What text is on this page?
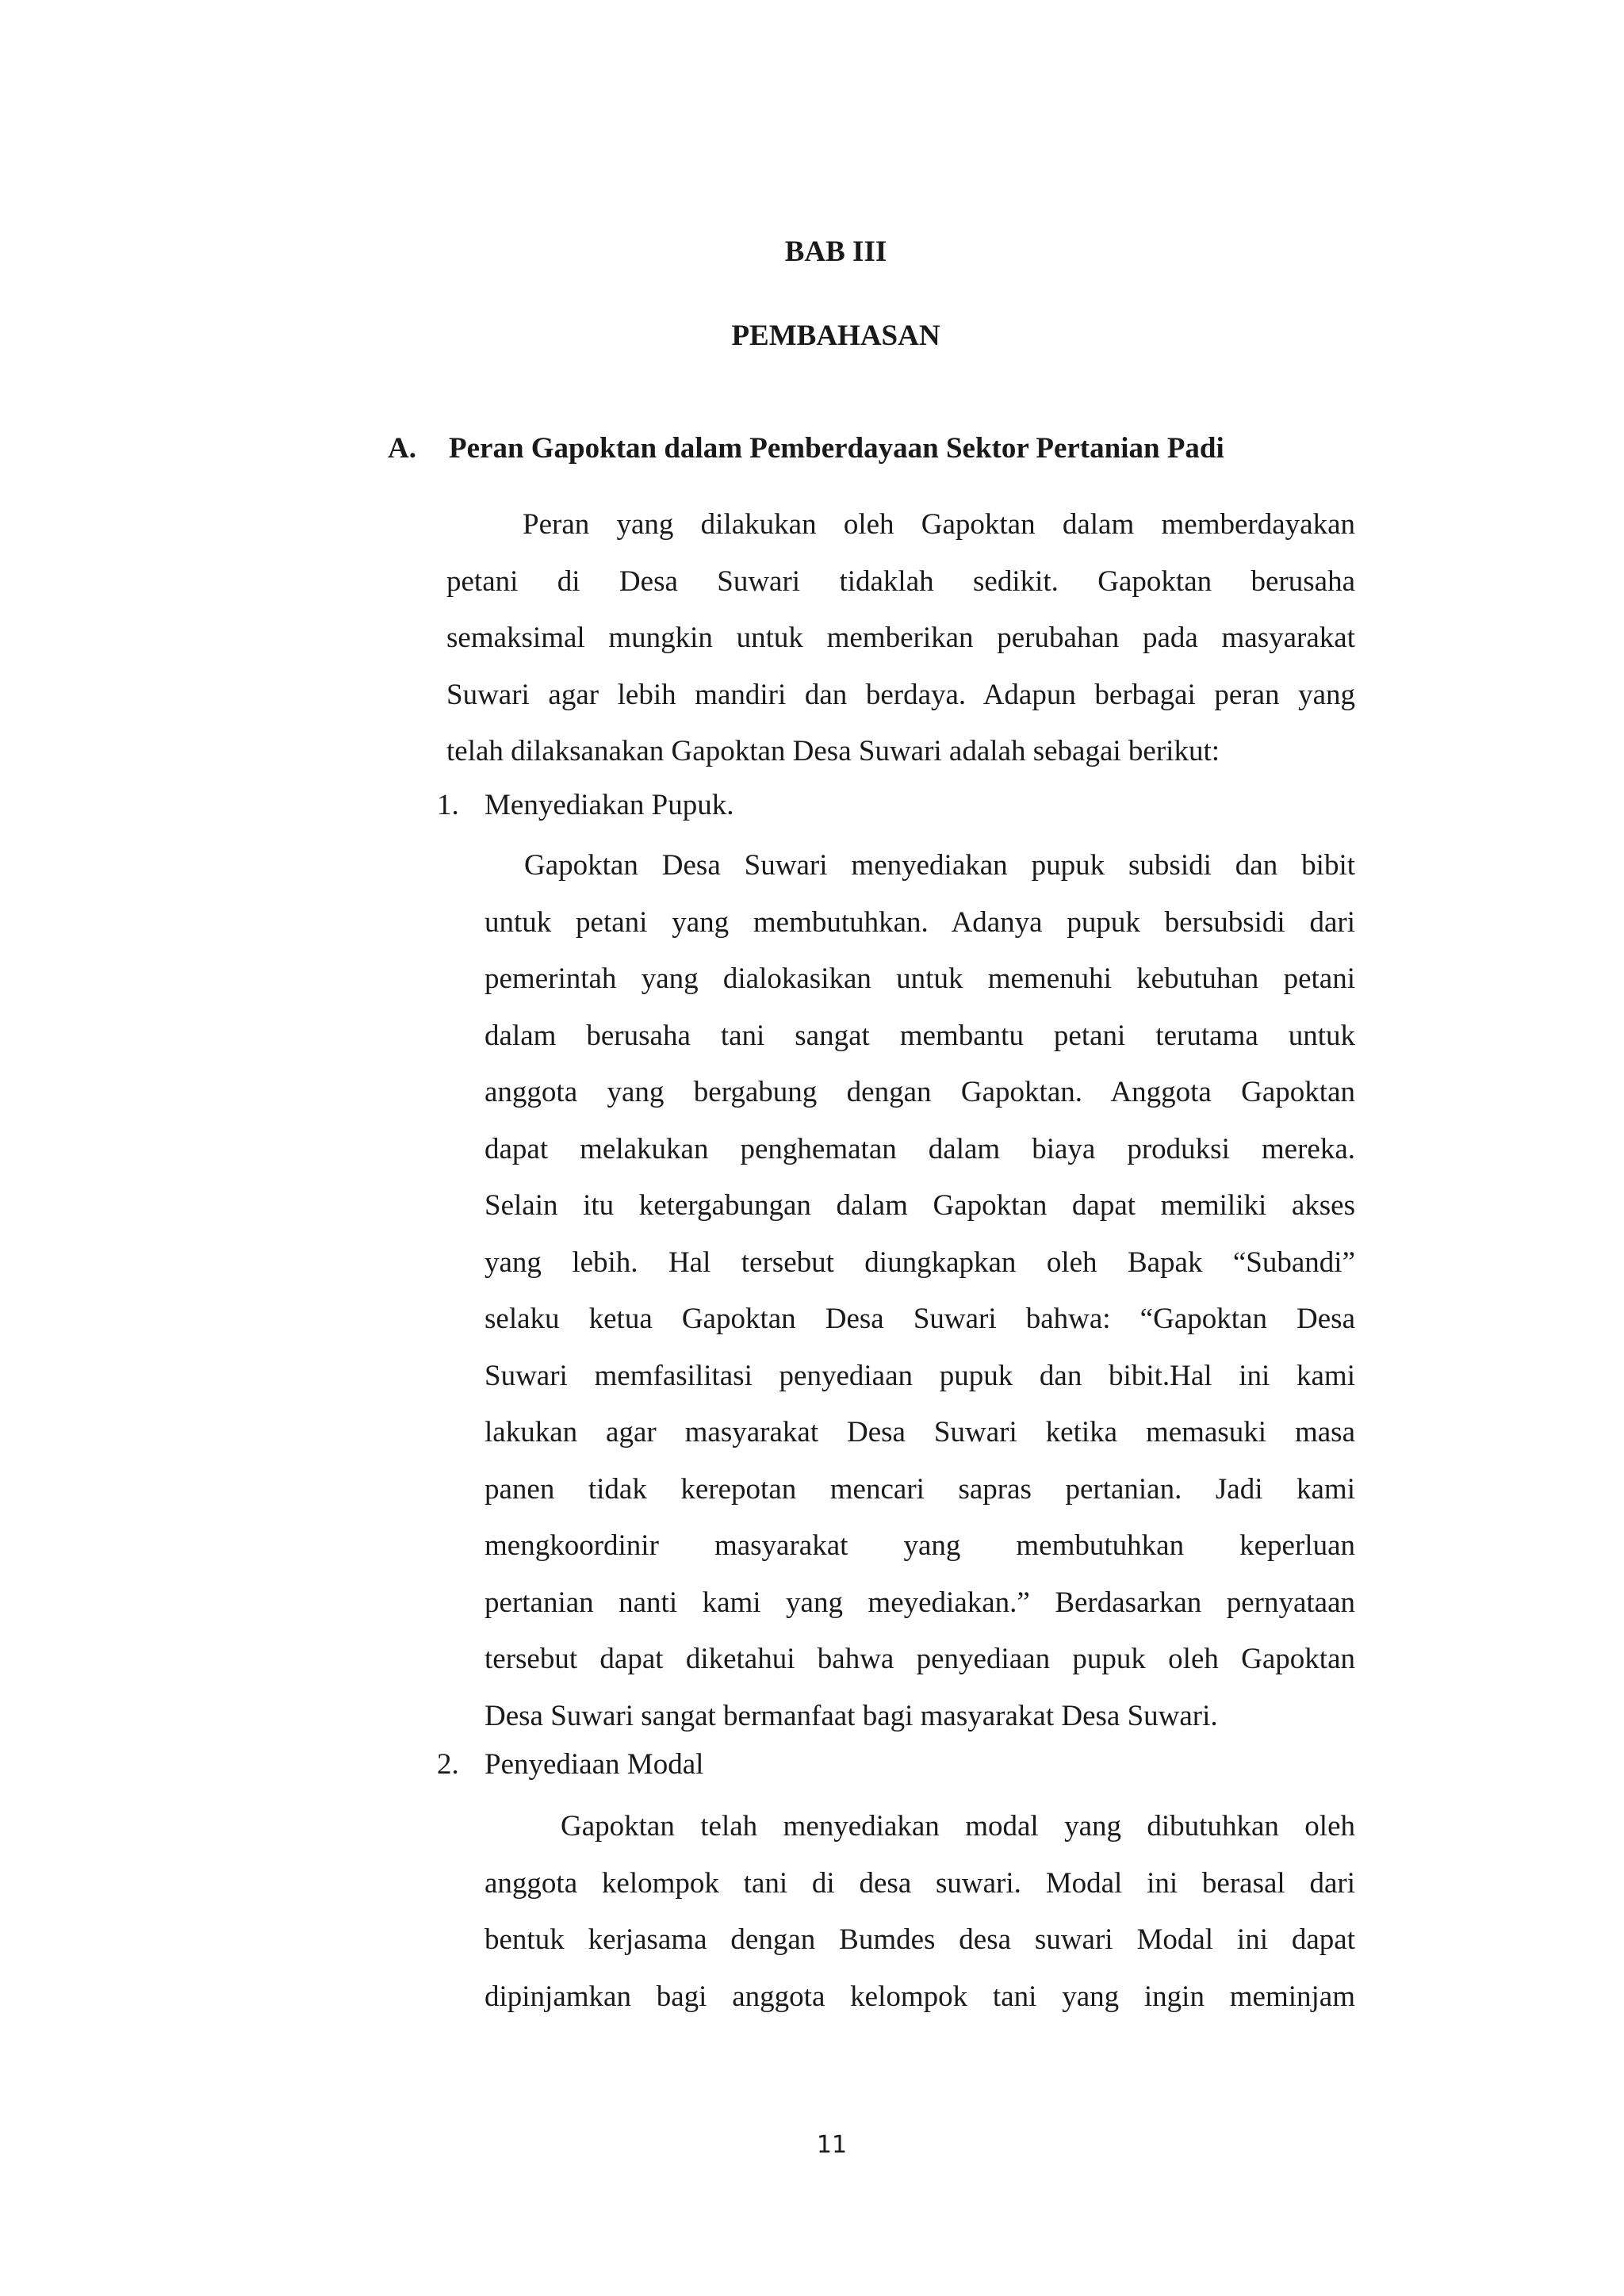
BAB III
PEMBAHASAN
A. Peran Gapoktan dalam Pemberdayaan Sektor Pertanian Padi
Peran yang dilakukan oleh Gapoktan dalam memberdayakan
petani di Desa Suwari tidaklah sedikit. Gapoktan berusaha
semaksimal mungkin untuk memberikan perubahan pada masyarakat
Suwari agar lebih mandiri dan berdaya. Adapun berbagai peran yang
telah dilaksanakan Gapoktan Desa Suwari adalah sebagai berikut:
1. Menyediakan Pupuk.
Gapoktan Desa Suwari menyediakan pupuk subsidi dan bibit
untuk petani yang membutuhkan. Adanya pupuk bersubsidi dari
pemerintah yang dialokasikan untuk memenuhi kebutuhan petani
dalam berusaha tani sangat membantu petani terutama untuk
anggota yang bergabung dengan Gapoktan. Anggota Gapoktan
dapat melakukan penghematan dalam biaya produksi mereka.
Selain itu ketergabungan dalam Gapoktan dapat memiliki akses
yang lebih. Hal tersebut diungkapkan oleh Bapak “Subandi”
selaku ketua Gapoktan Desa Suwari bahwa: “Gapoktan Desa
Suwari memfasilitasi penyediaan pupuk dan bibit.Hal ini kami
lakukan agar masyarakat Desa Suwari ketika memasuki masa
panen tidak kerepotan mencari sapras pertanian. Jadi kami
mengkoordinir masyarakat yang membutuhkan keperluan
pertanian nanti kami yang meyediakan.” Berdasarkan pernyataan
tersebut dapat diketahui bahwa penyediaan pupuk oleh Gapoktan
Desa Suwari sangat bermanfaat bagi masyarakat Desa Suwari.
2. Penyediaan Modal
Gapoktan telah menyediakan modal yang dibutuhkan oleh
anggota kelompok tani di desa suwari. Modal ini berasal dari
bentuk kerjasama dengan Bumdes desa suwari Modal ini dapat
dipinjamkan bagi anggota kelompok tani yang ingin meminjam
11
